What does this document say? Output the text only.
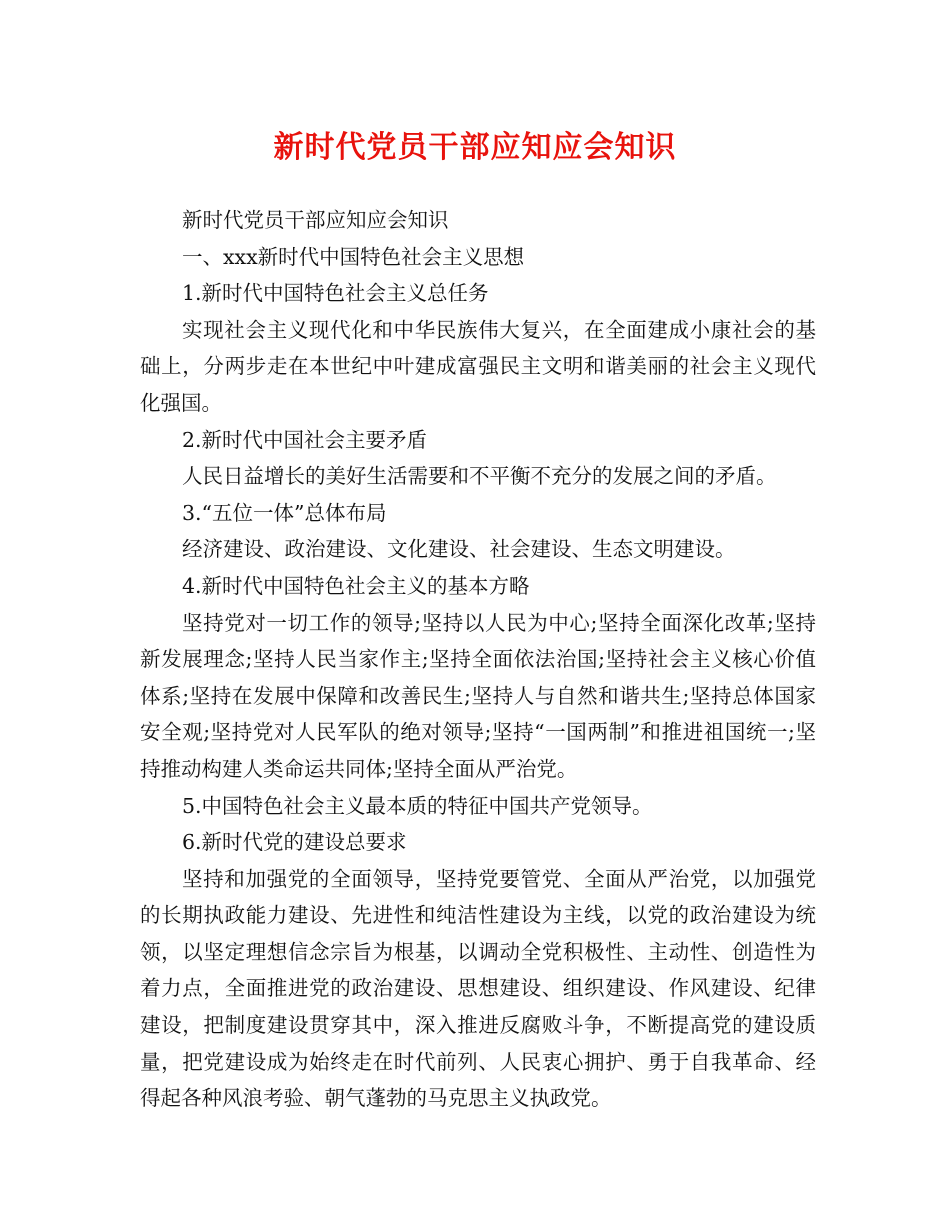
新时代党员干部应知应会知识

新时代党员干部应知应会知识

一、xxx新时代中国特色社会主义思想

1.新时代中国特色社会主义总任务

实现社会主义现代化和中华民族伟大复兴，在全面建成小康社会的基础上，分两步走在本世纪中叶建成富强民主文明和谐美丽的社会主义现代化强国。

2.新时代中国社会主要矛盾

人民日益增长的美好生活需要和不平衡不充分的发展之间的矛盾。

3.“五位一体”总体布局

经济建设、政治建设、文化建设、社会建设、生态文明建设。

4.新时代中国特色社会主义的基本方略

坚持党对一切工作的领导;坚持以人民为中心;坚持全面深化改革;坚持新发展理念;坚持人民当家作主;坚持全面依法治国;坚持社会主义核心价值体系;坚持在发展中保障和改善民生;坚持人与自然和谐共生;坚持总体国家安全观;坚持党对人民军队的绝对领导;坚持“一国两制”和推进祖国统一;坚持推动构建人类命运共同体;坚持全面从严治党。

5.中国特色社会主义最本质的特征中国共产党领导。

6.新时代党的建设总要求

坚持和加强党的全面领导，坚持党要管党、全面从严治党，以加强党的长期执政能力建设、先进性和纯洁性建设为主线，以党的政治建设为统领，以坚定理想信念宗旨为根基，以调动全党积极性、主动性、创造性为着力点，全面推进党的政治建设、思想建设、组织建设、作风建设、纪律建设，把制度建设贯穿其中，深入推进反腐败斗争，不断提高党的建设质量，把党建设成为始终走在时代前列、人民衷心拥护、勇于自我革命、经得起各种风浪考验、朝气蓬勃的马克思主义执政党。
